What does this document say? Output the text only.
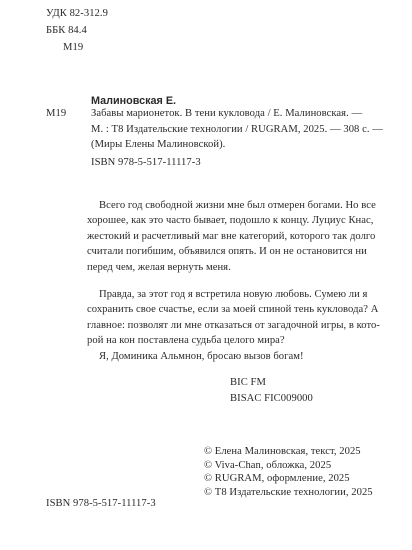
УДК 82-312.9
ББК 84.4
М19
Малиновская Е.
М19 Забавы марионеток. В тени кукловода / Е. Малиновская. —
М. : Т8 Издательские технологии / RUGRAM, 2025. — 308 с. —
(Миры Елены Малиновской).
ISBN 978-5-517-11117-3

Всего год свободной жизни мне был отмерен богами. Но все
хорошее, как это часто бывает, подошло к концу. Луциус Кнас,
жестокий и расчетливый маг вне категорий, которого так долго
считали погибшим, объявился опять. И он не остановится ни
перед чем, желая вернуть меня.

Правда, за этот год я встретила новую любовь. Сумею ли я
сохранить свое счастье, если за моей спиной тень кукловода? А
главное: позволят ли мне отказаться от загадочной игры, в кото-
рой на кон поставлена судьба целого мира?
Я, Доминика Альмнон, бросаю вызов богам!

BIC FM
BISAC FIC009000
© Елена Малиновская, текст, 2025
© Viva-Chan, обложка, 2025
© RUGRAM, оформление, 2025
© Т8 Издательские технологии, 2025
ISBN 978-5-517-11117-3
